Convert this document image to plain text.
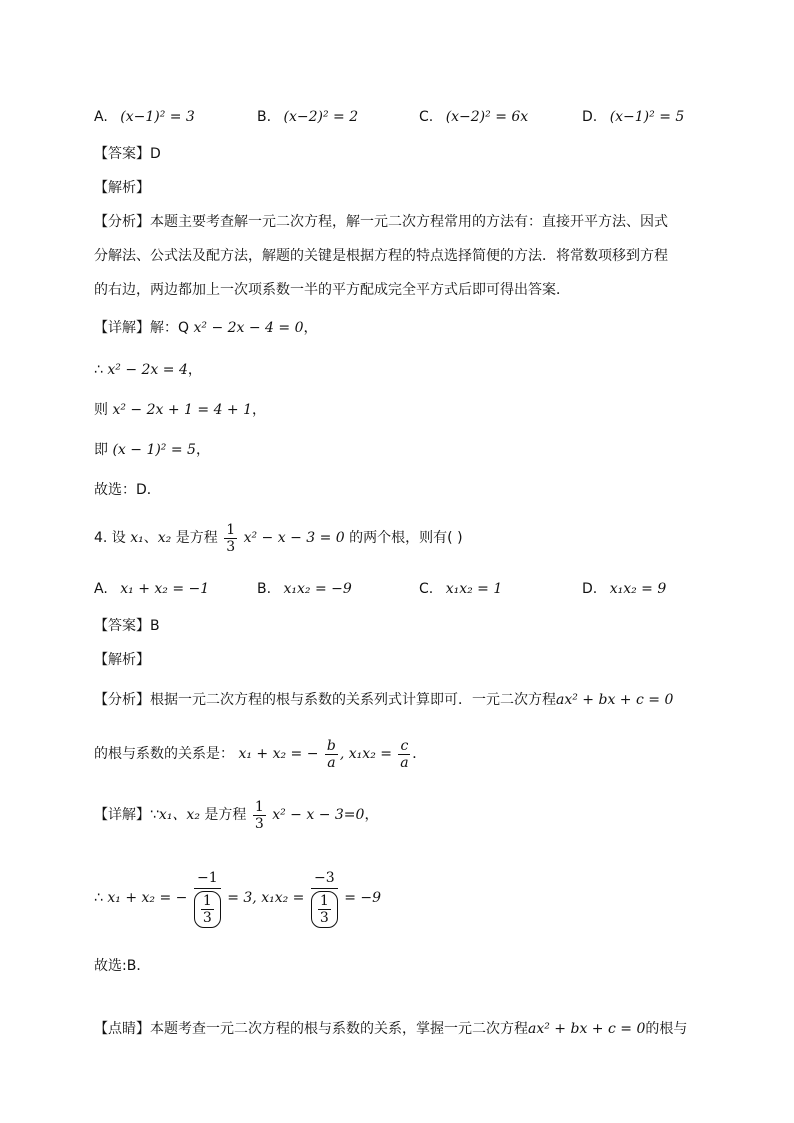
A. (x−1)² = 3	B. (x−2)² = 2	C. (x−2)² = 6x	D. (x−1)² = 5
【答案】D
【解析】
【分析】本题主要考查解一元二次方程，解一元二次方程常用的方法有：直接开平方法、因式
分解法、公式法及配方法，解题的关键是根据方程的特点选择简便的方法．将常数项移到方程
的右边，两边都加上一次项系数一半的平方配成完全平方式后即可得出答案．
【详解】解：Q x² − 2x − 4 = 0，
∴ x² − 2x = 4，
则 x² − 2x + 1 = 4 + 1，
即 (x − 1)² = 5，
故选：D．
4. 设 x₁、x₂ 是方程 $\frac{1}{3} x^2 - x - 3 = 0$ 的两个根，则有( )
A. x₁ + x₂ = −1	B. x₁x₂ = −9	C. x₁x₂ = 1	D. x₁x₂ = 9
【答案】B
【解析】
【分析】根据一元二次方程的根与系数的关系列式计算即可．一元二次方程ax² + bx + c = 0
的根与系数的关系是： x₁ + x₂ = − $\frac{b}{a}$ , $x_1x_2 = \frac{c}{a}$ ．
【详解】∵x₁、x₂ 是方程 $\frac{1}{3} x^2 - x - 3=0$，
∴ x₁ + x₂ = − $\frac{-1}{\frac{1}{3}} = 3$, $x_1x_2 = \frac{-3}{\frac{1}{3}} = -9$
故选:B．
【点睛】本题考查一元二次方程的根与系数的关系，掌握一元二次方程ax² + bx + c = 0的根与
